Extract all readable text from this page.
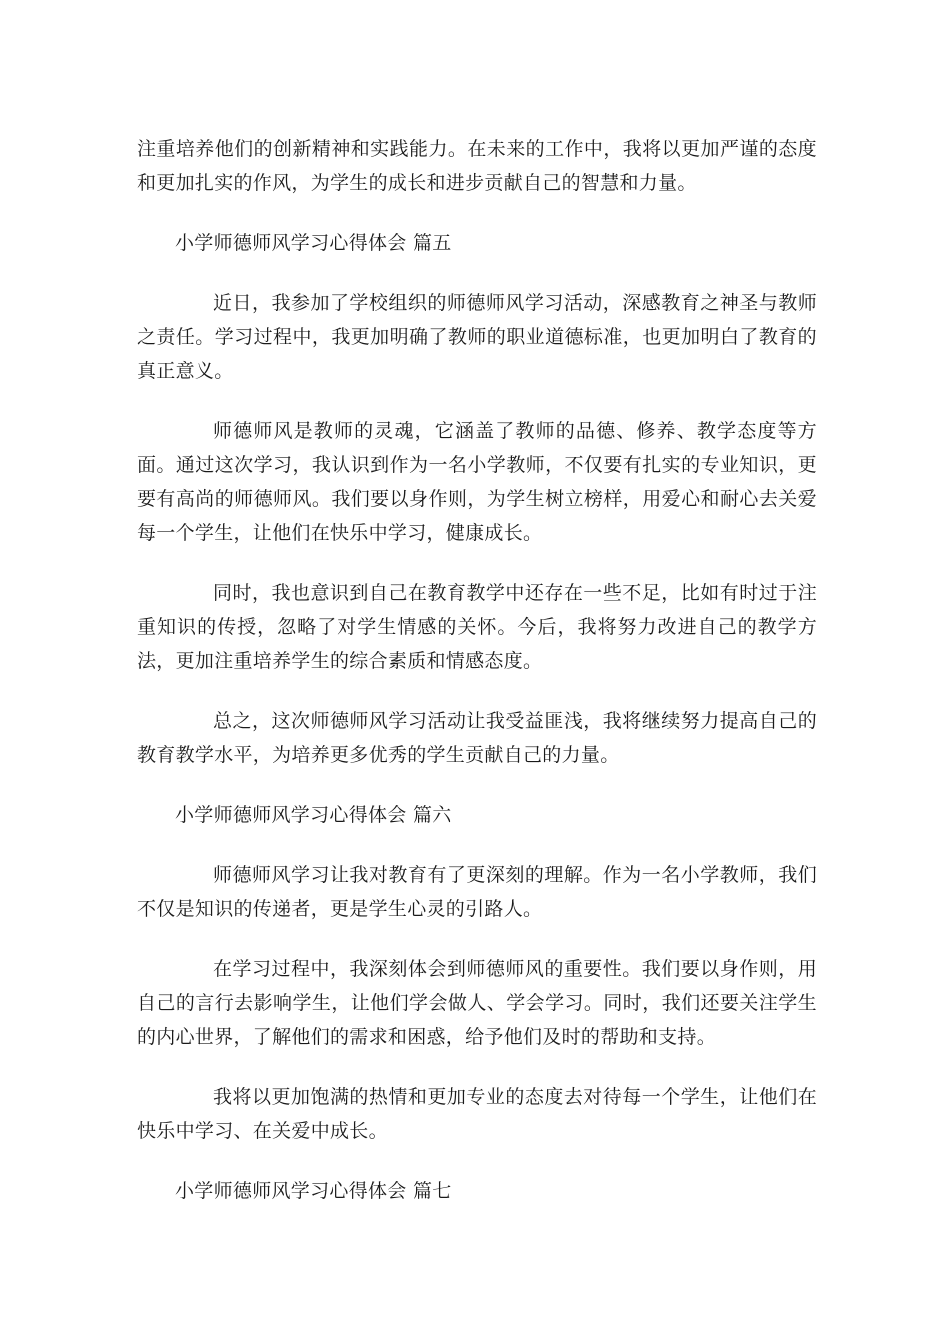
注重培养他们的创新精神和实践能力。在未来的工作中，我将以更加严谨的态度和更加扎实的作风，为学生的成长和进步贡献自己的智慧和力量。

小学师德师风学习心得体会 篇五

近日，我参加了学校组织的师德师风学习活动，深感教育之神圣与教师之责任。学习过程中，我更加明确了教师的职业道德标准，也更加明白了教育的真正意义。

师德师风是教师的灵魂，它涵盖了教师的品德、修养、教学态度等方面。通过这次学习，我认识到作为一名小学教师，不仅要有扎实的专业知识，更要有高尚的师德师风。我们要以身作则，为学生树立榜样，用爱心和耐心去关爱每一个学生，让他们在快乐中学习，健康成长。

同时，我也意识到自己在教育教学中还存在一些不足，比如有时过于注重知识的传授，忽略了对学生情感的关怀。今后，我将努力改进自己的教学方法，更加注重培养学生的综合素质和情感态度。

总之，这次师德师风学习活动让我受益匪浅，我将继续努力提高自己的教育教学水平，为培养更多优秀的学生贡献自己的力量。

小学师德师风学习心得体会 篇六

师德师风学习让我对教育有了更深刻的理解。作为一名小学教师，我们不仅是知识的传递者，更是学生心灵的引路人。

在学习过程中，我深刻体会到师德师风的重要性。我们要以身作则，用自己的言行去影响学生，让他们学会做人、学会学习。同时，我们还要关注学生的内心世界，了解他们的需求和困惑，给予他们及时的帮助和支持。

我将以更加饱满的热情和更加专业的态度去对待每一个学生，让他们在快乐中学习、在关爱中成长。

小学师德师风学习心得体会 篇七
